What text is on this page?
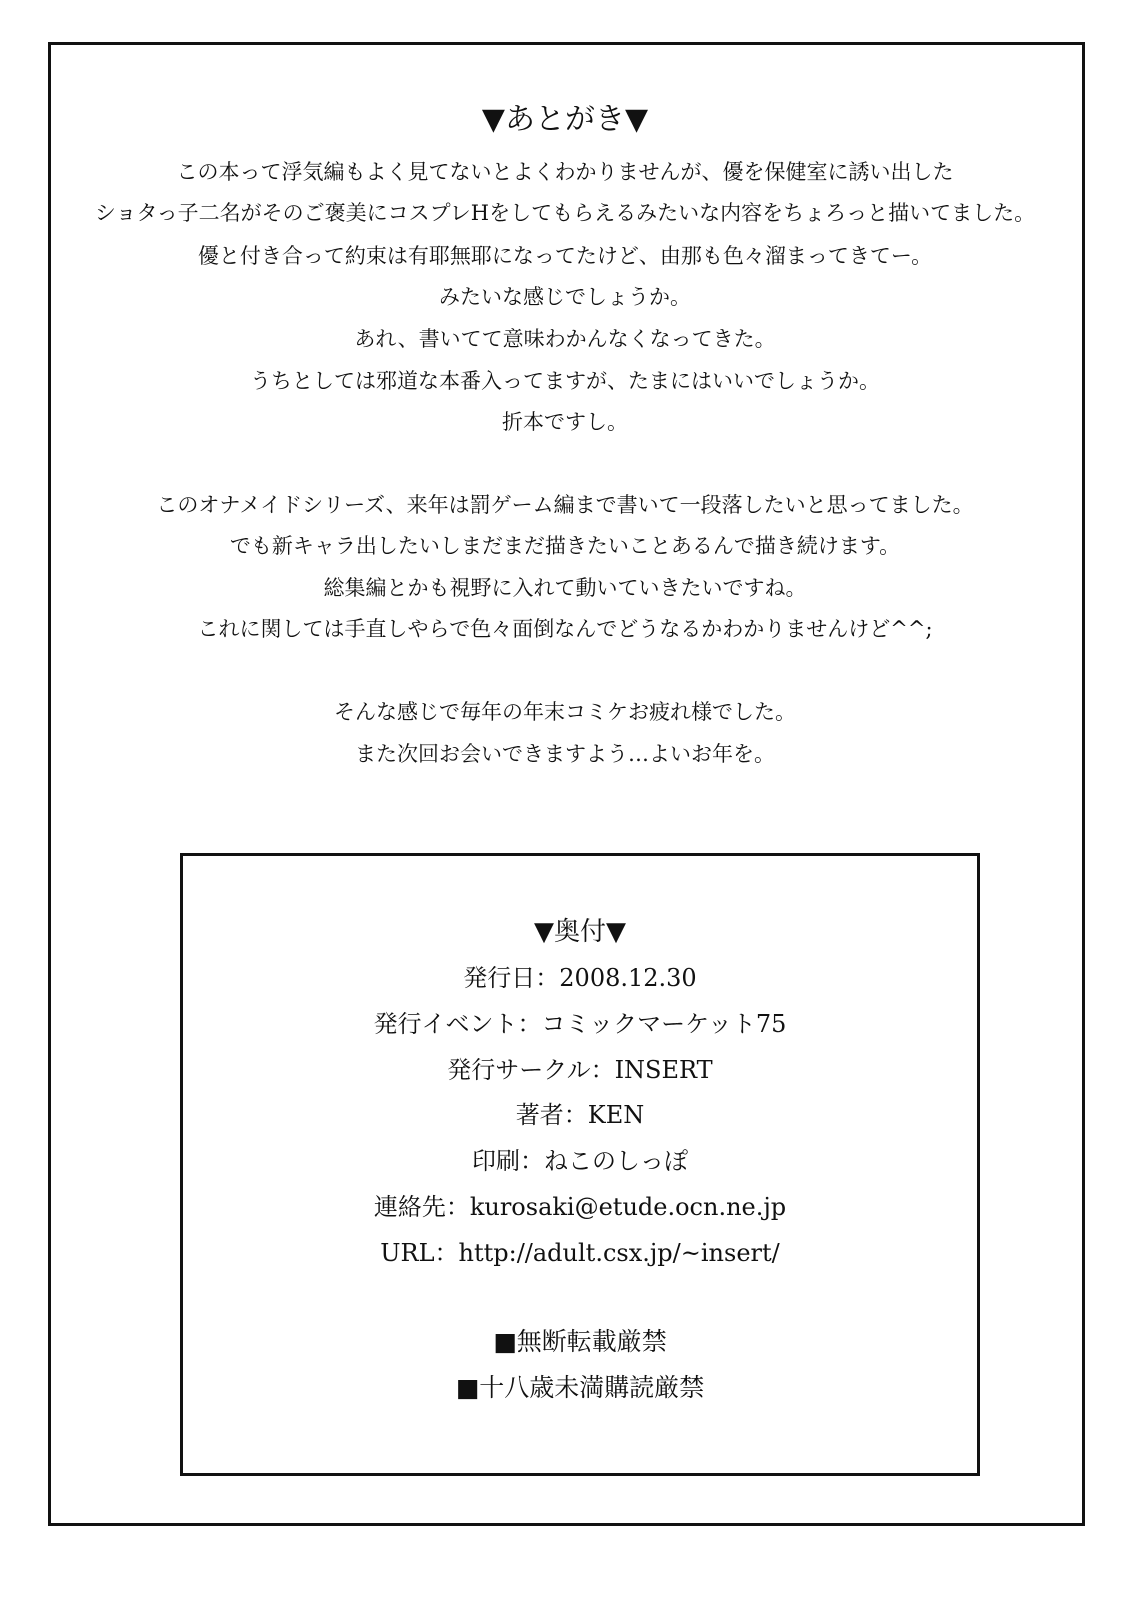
▼あとがき▼
この本って浮気編もよく見てないとよくわかりませんが、優を保健室に誘い出した
ショタっ子二名がそのご褒美にコスプレHをしてもらえるみたいな内容をちょろっと描いてました。
優と付き合って約束は有耶無耶になってたけど、由那も色々溜まってきてー。
みたいな感じでしょうか。
あれ、書いてて意味わかんなくなってきた。
うちとしては邪道な本番入ってますが、たまにはいいでしょうか。
折本ですし。
このオナメイドシリーズ、来年は罰ゲーム編まで書いて一段落したいと思ってました。
でも新キャラ出したいしまだまだ描きたいことあるんで描き続けます。
総集編とかも視野に入れて動いていきたいですね。
これに関しては手直しやらで色々面倒なんでどうなるかわかりませんけど^^;
そんな感じで毎年の年末コミケお疲れ様でした。
また次回お会いできますよう…よいお年を。
▼奥付▼
発行日：2008.12.30
発行イベント：コミックマーケット75
発行サークル：INSERT
著者：KEN
印刷：ねこのしっぽ
連絡先：kurosaki@etude.ocn.ne.jp
URL：http://adult.csx.jp/~insert/
■無断転載厳禁
■十八歳未満購読厳禁
